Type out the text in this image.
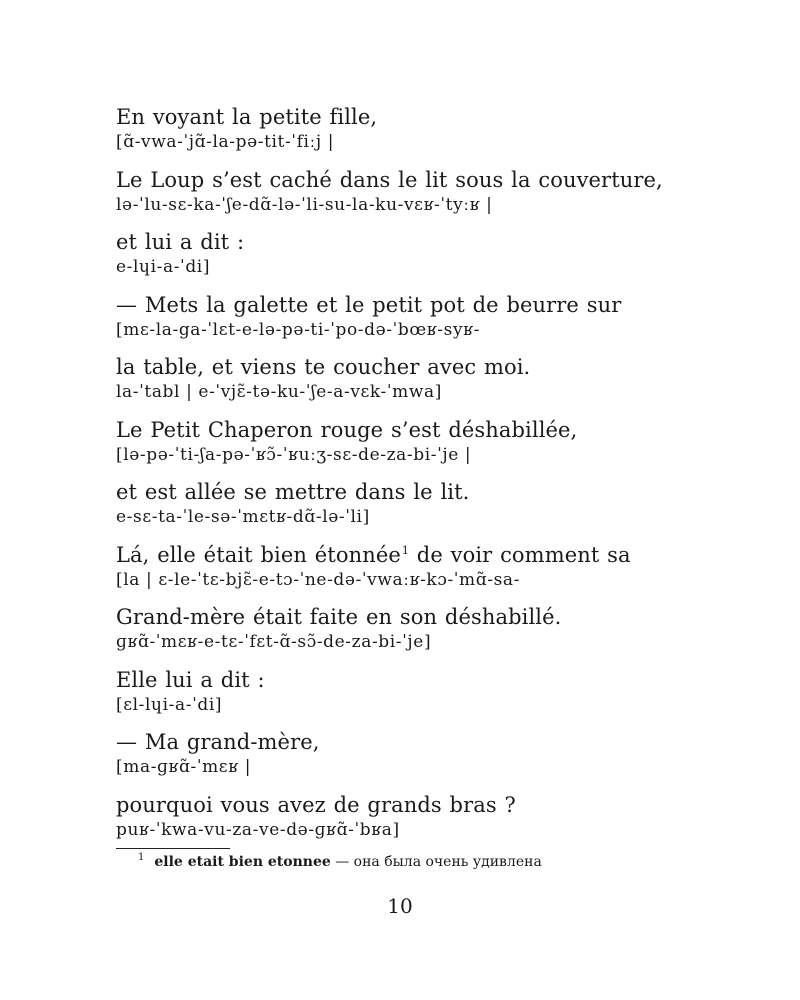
En voyant la petite fille,
[ɑ̃-vwa-ˈjɑ̃-la-pə-tit-ˈfiːj |
Le Loup s’est caché dans le lit sous la couverture,
lə-ˈlu-sɛ-ka-ˈʃe-dɑ̃-lə-ˈli-su-la-ku-vɛʁ-ˈtyːʁ |
et lui a dit :
e-lɥi-a-ˈdi]
— Mets la galette et le petit pot de beurre sur
[mɛ-la-ga-ˈlɛt-e-lə-pə-ti-ˈpo-də-ˈbœʁ-syʁ-
la table, et viens te coucher avec moi.
la-ˈtabl | e-ˈvjɛ̃-tə-ku-ˈʃe-a-vɛk-ˈmwa]
Le Petit Chaperon rouge s’est déshabillée,
[lə-pə-ˈti-ʃa-pə-ˈʁɔ̃-ˈʁuːʒ-sɛ-de-za-bi-ˈje |
et est allée se mettre dans le lit.
e-sɛ-ta-ˈle-sə-ˈmɛtʁ-dɑ̃-lə-ˈli]
Lá, elle était bien étonnée$^1$ de voir comment sa
[la | ɛ-le-ˈtɛ-bjɛ̃-e-tɔ-ˈne-də-ˈvwaːʁ-kɔ-ˈmɑ̃-sa-
Grand-mère était faite en son déshabillé.
ɡʁɑ̃-ˈmɛʁ-e-tɛ-ˈfɛt-ɑ̃-sɔ̃-de-za-bi-ˈje]
Elle lui a dit :
[ɛl-lɥi-a-ˈdi]
— Ma grand-mère,
[ma-ɡʁɑ̃-ˈmɛʁ |
pourquoi vous avez de grands bras ?
puʁ-ˈkwa-vu-za-ve-də-ɡʁɑ̃-ˈbʁa]
$^1$ elle etait bien etonnee — она была очень удивлена
10
